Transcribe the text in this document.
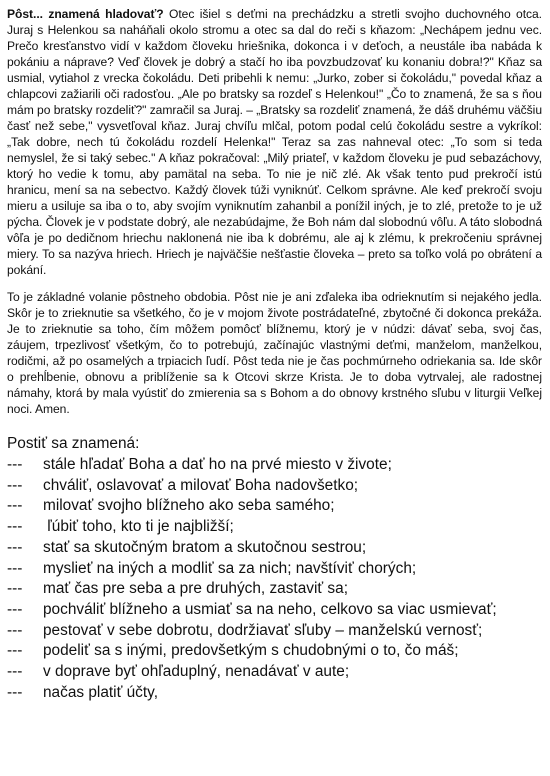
Pôst... znamená hladovať? Otec išiel s deťmi na prechádzku a stretli svojho duchovného otca. Juraj s Helenkou sa naháňali okolo stromu a otec sa dal do reči s kňazom: „Nechápem jednu vec. Prečo kresťanstvo vidí v každom človeku hriešnika, dokonca i v deťoch, a neustále iba nabáda k pokániu a náprave? Veď človek je dobrý a stačí ho iba povzbudzovať ku konaniu dobra!?" Kňaz sa usmial, vytiahol z vrecka čokoládu. Deti pribehli k nemu: „Jurko, zober si čokoládu," povedal kňaz a chlapcovi zažiarili oči radosťou. „Ale po bratsky sa rozdeľ s Helenkou!" „Čo to znamená, že sa s ňou mám po bratsky rozdeliť?" zamračil sa Juraj. – „Bratsky sa rozdeliť znamená, že dáš druhému väčšiu časť než sebe," vysvetľoval kňaz. Juraj chvíľu mlčal, potom podal celú čokoládu sestre a vykríkol: „Tak dobre, nech tú čokoládu rozdelí Helenka!" Teraz sa zas nahneval otec: „To som si teda nemyslel, že si taký sebec." A kňaz pokračoval: „Milý priateľ, v každom človeku je pud sebazáchovy, ktorý ho vedie k tomu, aby pamätal na seba. To nie je nič zlé. Ak však tento pud prekročí istú hranicu, mení sa na sebectvo. Každý človek túži vyniknúť. Celkom správne. Ale keď prekročí svoju mieru a usiluje sa iba o to, aby svojím vyniknutím zahanbil a ponížil iných, je to zlé, pretože to je už pýcha. Človek je v podstate dobrý, ale nezabúdajme, že Boh nám dal slobodnú vôľu. A táto slobodná vôľa je po dedičnom hriechu naklonená nie iba k dobrému, ale aj k zlému, k prekročeniu správnej miery. To sa nazýva hriech. Hriech je najväčšie nešťastie človeka – preto sa toľko volá po obrátení a pokání.

To je základné volanie pôstneho obdobia. Pôst nie je ani zďaleka iba odrieknutím si nejakého jedla. Skôr je to zrieknutie sa všetkého, čo je v mojom živote postrádateľné, zbytočné či dokonca prekáža. Je to zrieknutie sa toho, čím môžem pomôcť blížnemu, ktorý je v núdzi: dávať seba, svoj čas, záujem, trpezlivosť všetkým, čo to potrebujú, začínajúc vlastnými deťmi, manželom, manželkou, rodičmi, až po osamelých a trpiacich ľudí. Pôst teda nie je čas pochmúrneho odriekania sa. Ide skôr o prehĺbenie, obnovu a priblíženie sa k Otcovi skrze Krista. Je to doba vytrvalej, ale radostnej námahy, ktorá by mala vyústiť do zmierenia sa s Bohom a do obnovy krstného sľubu v liturgii Veľkej noci. Amen.

Postiť sa znamená:
---	stále hľadať Boha a dať ho na prvé miesto v živote;
---	chváliť, oslavovať a milovať Boha nadovšetko;
---	milovať svojho blížneho ako seba samého;
---	ľúbiť toho, kto ti je najbližší;
---	stať sa skutočným bratom a skutočnou sestrou;
---	myslieť na iných a modliť sa za nich; navštíviť chorých;
---	mať čas pre seba a pre druhých, zastaviť sa;
---	pochváliť blížneho a usmiať sa na neho, celkovo sa viac usmievať;
---	pestovať v sebe dobrotu, dodržiavať sľuby – manželskú vernosť;
---	podeliť sa s inými, predovšetkým s chudobnými o to, čo máš;
---	v doprave byť ohľaduplný, nenadávať v aute;
---	načas platiť účty,
